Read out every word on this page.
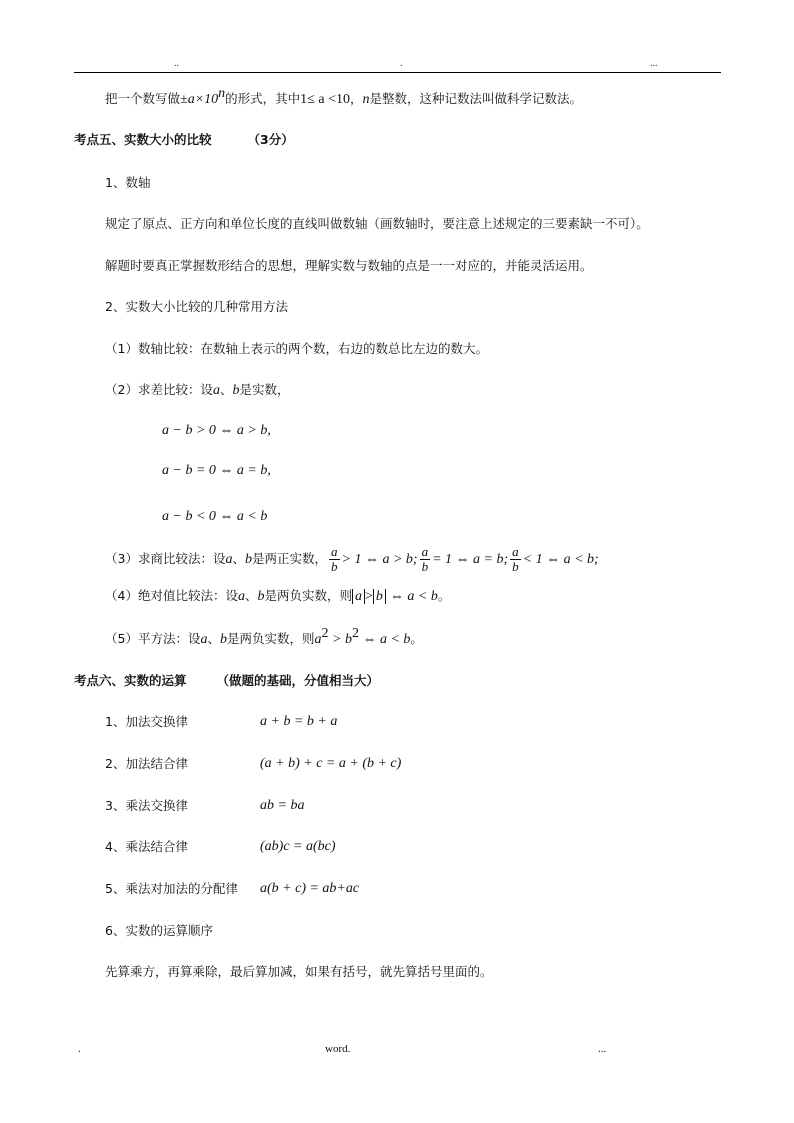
..	.	...
把一个数写做$\pm a\times 10^n$的形式，其中1≤ a <10，n是整数，这种记数法叫做科学记数法。
考点五、实数大小的比较	（3分）
1、数轴
规定了原点、正方向和单位长度的直线叫做数轴（画数轴时，要注意上述规定的三要素缺一不可）。
解题时要真正掌握数形结合的思想，理解实数与数轴的点是一一对应的，并能灵活运用。
2、实数大小比较的几种常用方法
（1）数轴比较：在数轴上表示的两个数，右边的数总比左边的数大。
（2）求差比较：设a、b是实数，
a − b > 0 ⇔ a > b,
a − b = 0 ⇔ a = b,
a − b < 0 ⇔ a < b
（3）求商比较法：设a、b是两正实数， $\frac{a}{b} > 1$ ⇔ a > b; $\frac{a}{b} = 1$ ⇔ a = b; $\frac{a}{b} < 1$ ⇔ a < b;
（4）绝对值比较法：设a、b是两负实数，则 a > b ⇔ a < b。
（5）平方法：设a、b是两负实数，则$a^2 > b^2$ ⇔ a < b。
考点六、实数的运算 （做题的基础，分值相当大）
1、加法交换律	a + b = b + a
2、加法结合律	(a + b) + c = a + (b + c)
3、乘法交换律	ab = ba
4、乘法结合律	(ab)c = a(bc)
5、乘法对加法的分配律 a(b + c) = ab+ac
6、实数的运算顺序
先算乘方，再算乘除，最后算加减，如果有括号，就先算括号里面的。
.	word.	...
